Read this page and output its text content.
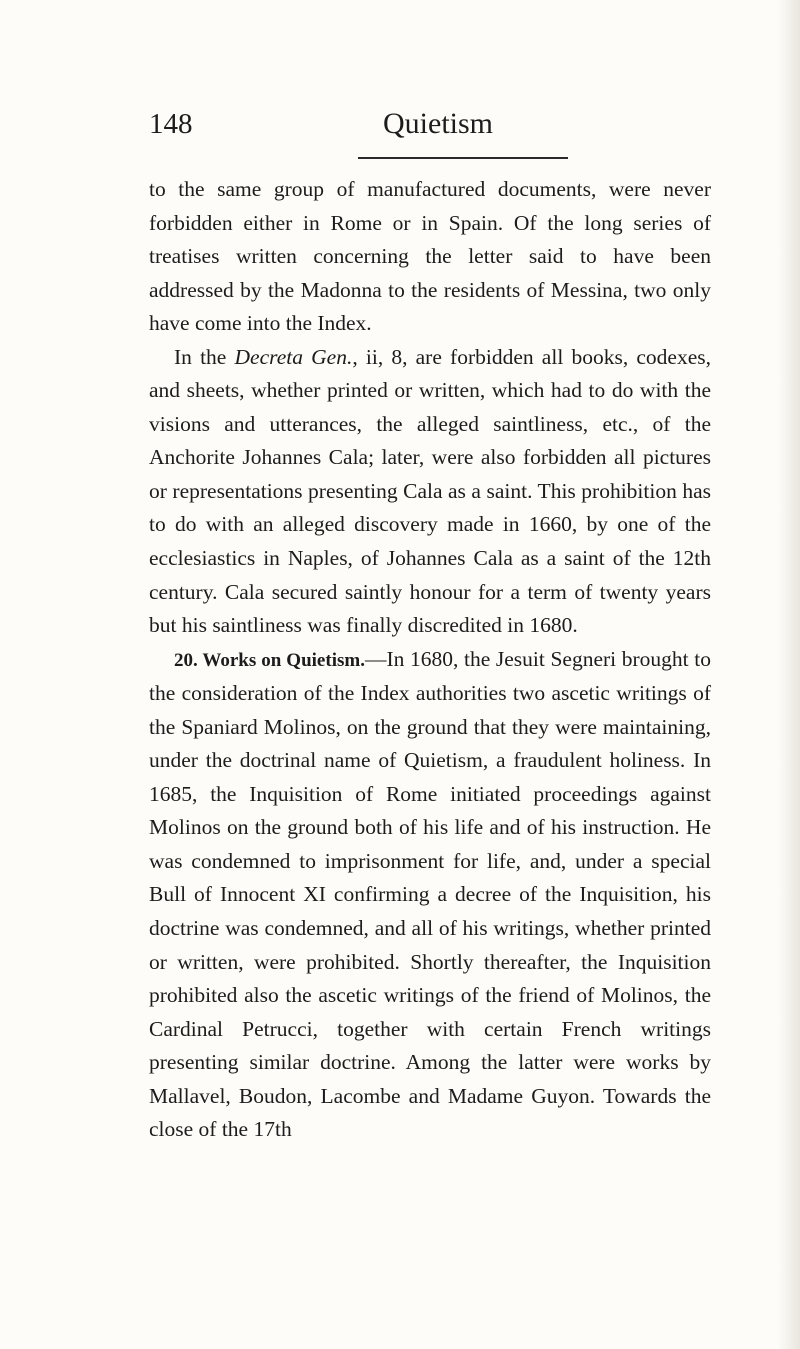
148	Quietism

to the same group of manufactured documents, were never forbidden either in Rome or in Spain. Of the long series of treatises written concerning the letter said to have been addressed by the Madonna to the residents of Messina, two only have come into the Index.

In the Decreta Gen., ii, 8, are forbidden all books, codexes, and sheets, whether printed or written, which had to do with the visions and utterances, the alleged saintliness, etc., of the Anchorite Johannes Cala; later, were also forbidden all pictures or representations presenting Cala as a saint. This prohibition has to do with an alleged discovery made in 1660, by one of the ecclesiastics in Naples, of Johannes Cala as a saint of the 12th century. Cala secured saintly honour for a term of twenty years but his saintliness was finally discredited in 1680.

20. Works on Quietism.—In 1680, the Jesuit Segneri brought to the consideration of the Index authorities two ascetic writings of the Spaniard Molinos, on the ground that they were maintaining, under the doctrinal name of Quietism, a fraudulent holiness. In 1685, the Inquisition of Rome initiated proceedings against Molinos on the ground both of his life and of his instruction. He was condemned to imprisonment for life, and, under a special Bull of Innocent XI confirming a decree of the Inquisition, his doctrine was condemned, and all of his writings, whether printed or written, were prohibited. Shortly thereafter, the Inquisition prohibited also the ascetic writings of the friend of Molinos, the Cardinal Petrucci, together with certain French writings presenting similar doctrine. Among the latter were works by Mallavel, Boudon, Lacombe and Madame Guyon. Towards the close of the 17th
